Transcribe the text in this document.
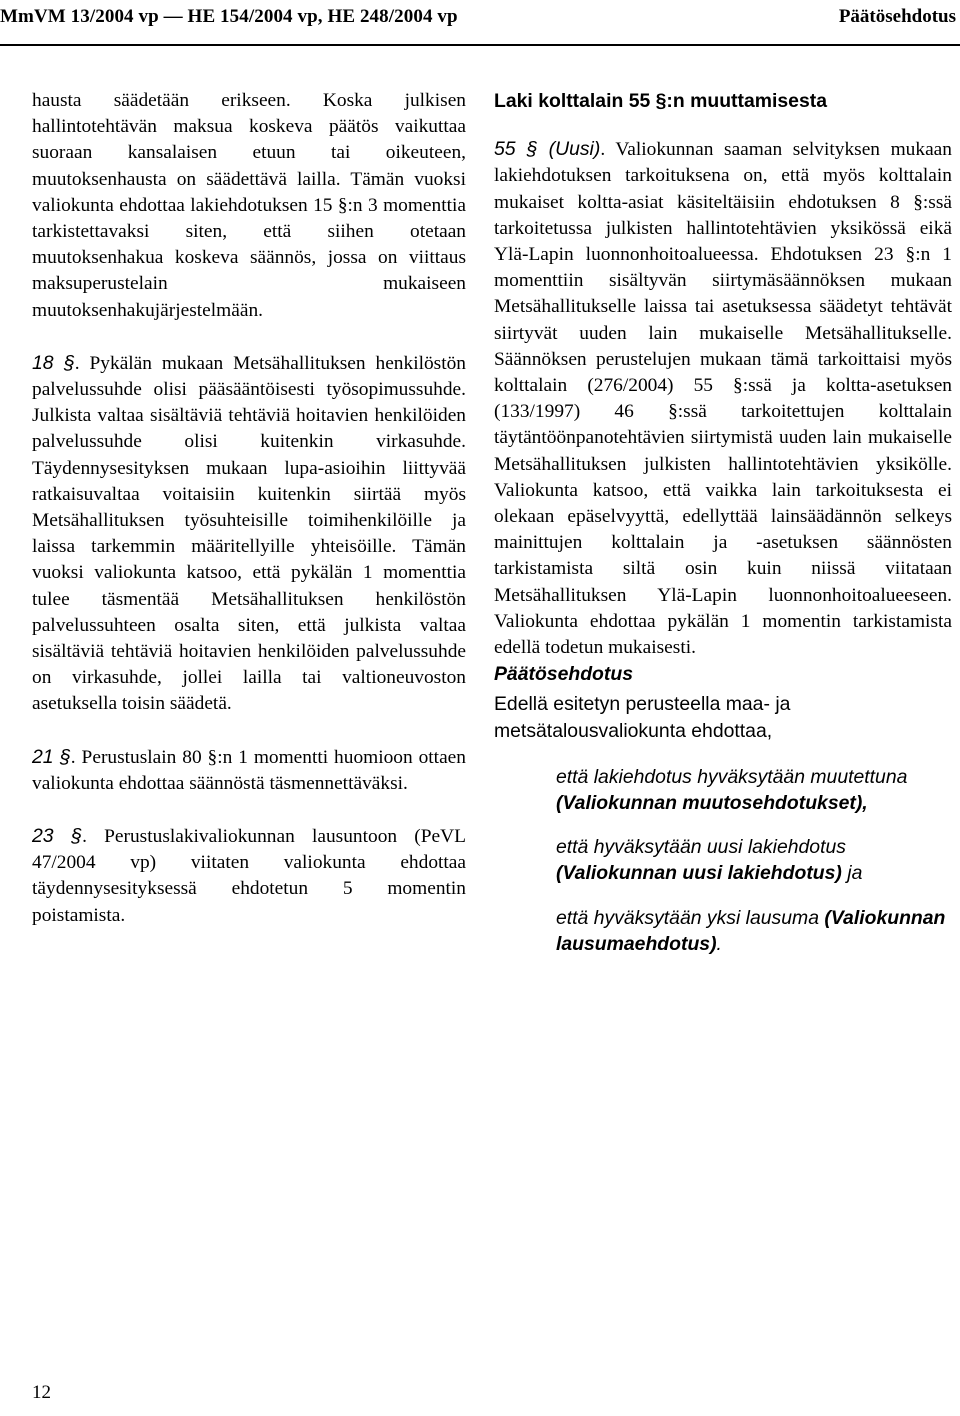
MmVM 13/2004 vp — HE 154/2004 vp, HE 248/2004 vp	Päätösehdotus

hausta säädetään erikseen. Koska julkisen hallintotehtävän maksua koskeva päätös vaikuttaa suoraan kansalaisen etuun tai oikeuteen, muutoksenhausta on säädettävä lailla. Tämän vuoksi valiokunta ehdottaa lakiehdotuksen 15 §:n 3 momenttia tarkistettavaksi siten, että siihen otetaan muutoksenhakua koskeva säännös, jossa on viittaus maksuperustelain mukaiseen muutoksenhakujärjestelmään.

18 §. Pykälän mukaan Metsähallituksen henkilöstön palvelussuhde olisi pääsääntöisesti työsopimussuhde. Julkista valtaa sisältäviä tehtäviä hoitavien henkilöiden palvelussuhde olisi kuitenkin virkasuhde. Täydennysesityksen mukaan lupa-asioihin liittyvää ratkaisuvaltaa voitaisiin kuitenkin siirtää myös Metsähallituksen työsuhteisille toimihenkilöille ja laissa tarkemmin määritellyille yhteisöille. Tämän vuoksi valiokunta katsoo, että pykälän 1 momenttia tulee täsmentää Metsähallituksen henkilöstön palvelussuhteen osalta siten, että julkista valtaa sisältäviä tehtäviä hoitavien henkilöiden palvelussuhde on virkasuhde, jollei lailla tai valtioneuvoston asetuksella toisin säädetä.

21 §. Perustuslain 80 §:n 1 momentti huomioon ottaen valiokunta ehdottaa säännöstä täsmennettäväksi.

23 §. Perustuslakivaliokunnan lausuntoon (PeVL 47/2004 vp) viitaten valiokunta ehdottaa täydennysesityksessä ehdotetun 5 momentin poistamista.

Laki kolttalain 55 §:n muuttamisesta

55 § (Uusi). Valiokunnan saaman selvityksen mukaan lakiehdotuksen tarkoituksena on, että myös kolttalain mukaiset koltta-asiat käsiteltäisiin ehdotuksen 8 §:ssä tarkoitetussa julkisten hallintotehtävien yksikössä eikä Ylä-Lapin luonnonhoitoalueessa. Ehdotuksen 23 §:n 1 momenttiin sisältyvän siirtymäsäännöksen mukaan Metsähallitukselle laissa tai asetuksessa säädetyt tehtävät siirtyvät uuden lain mukaiselle Metsähallitukselle. Säännöksen perustelujen mukaan tämä tarkoittaisi myös kolttalain (276/2004) 55 §:ssä ja koltta-asetuksen (133/1997) 46 §:ssä tarkoitettujen kolttalain täytäntöönpanotehtävien siirtymistä uuden lain mukaiselle Metsähallituksen julkisten hallintotehtävien yksikölle. Valiokunta katsoo, että vaikka lain tarkoituksesta ei olekaan epäselvyyttä, edellyttää lainsäädännön selkeys mainittujen kolttalain ja -asetuksen säännösten tarkistamista siltä osin kuin niissä viitataan Metsähallituksen Ylä-Lapin luonnonhoitoalueeseen. Valiokunta ehdottaa pykälän 1 momentin tarkistamista edellä todetun mukaisesti.

Päätösehdotus

Edellä esitetyn perusteella maa- ja metsätalousvaliokunta ehdottaa,

että lakiehdotus hyväksytään muutettuna (Valiokunnan muutosehdotukset),

että hyväksytään uusi lakiehdotus (Valiokunnan uusi lakiehdotus) ja

että hyväksytään yksi lausuma (Valiokunnan lausumaehdotus).

12
